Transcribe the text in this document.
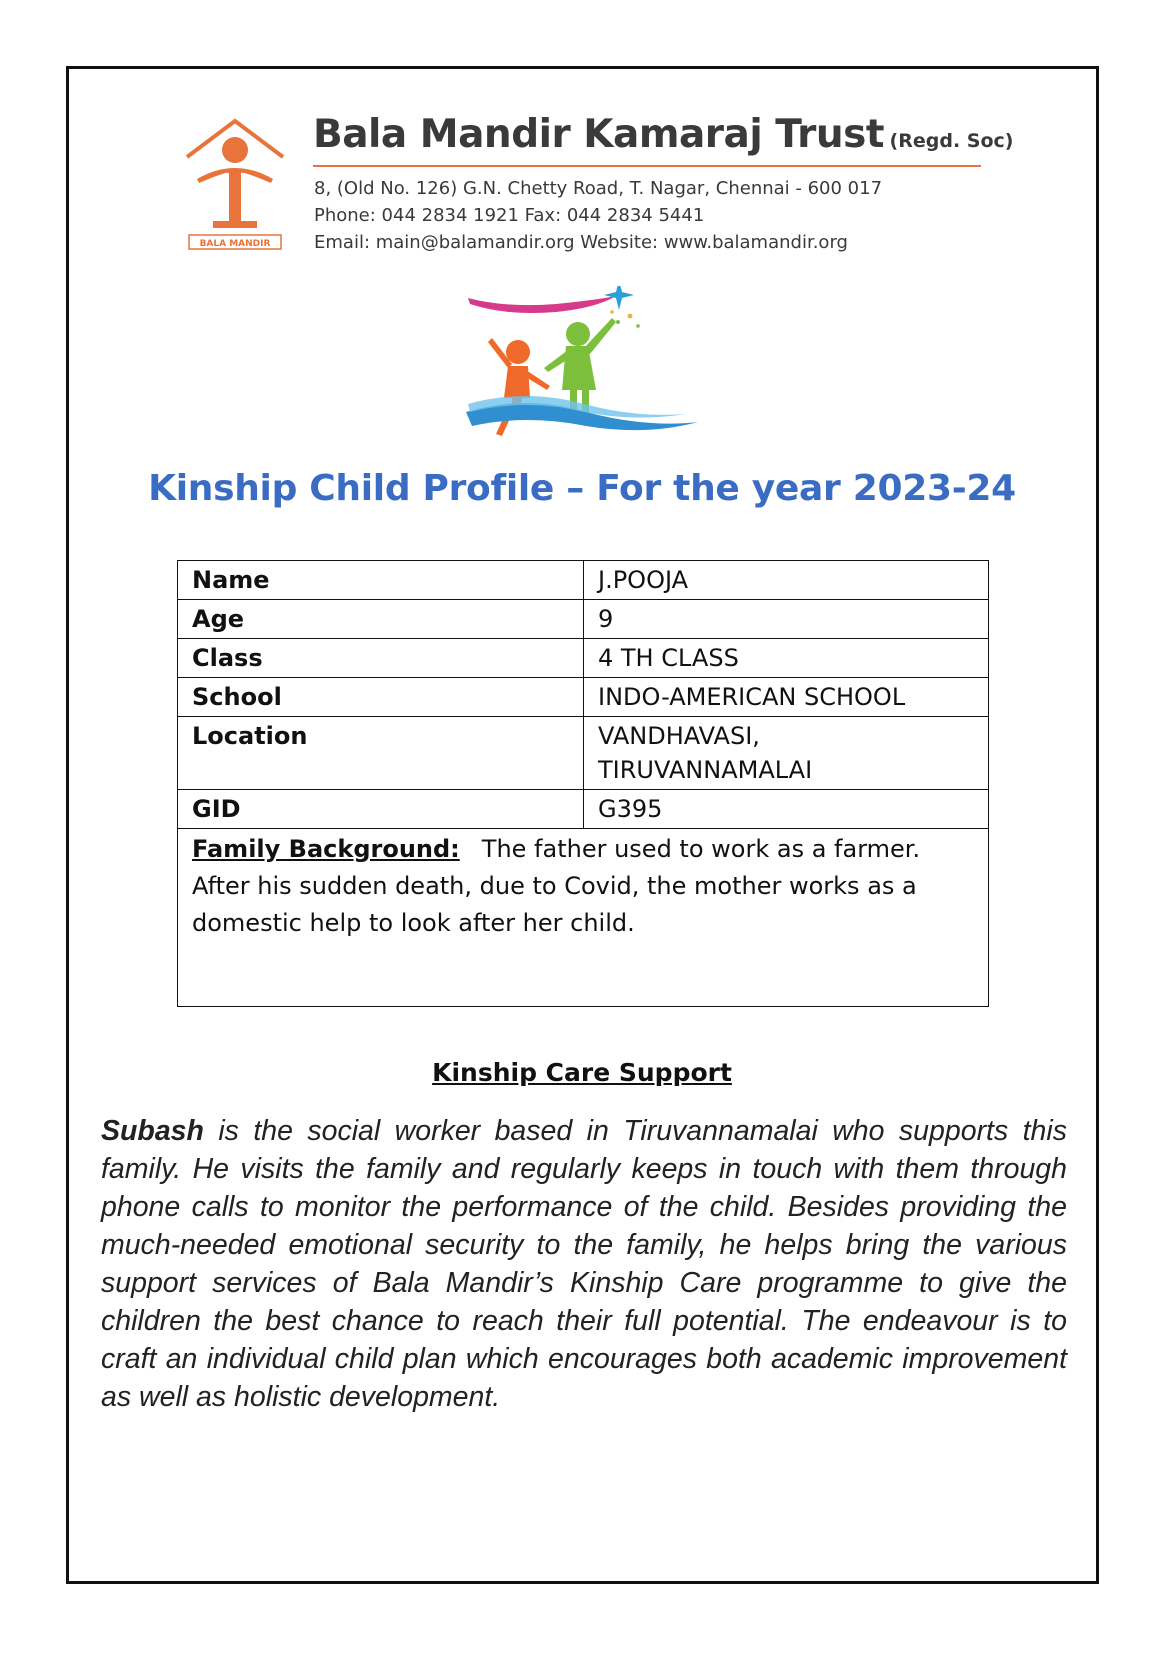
BALA MANDIR
Bala Mandir Kamaraj Trust (Regd. Soc)
8, (Old No. 126) G.N. Chetty Road, T. Nagar, Chennai - 600 017
Phone: 044 2834 1921 Fax: 044 2834 5441
Email: main@balamandir.org Website: www.balamandir.org
Kinship Child Profile – For the year 2023-24
Name	J.POOJA
Age	9
Class	4 TH CLASS
School	INDO-AMERICAN SCHOOL
Location	VANDHAVASI,
TIRUVANNAMALAI
GID	G395
Family Background: The father used to work as a farmer. After his sudden death, due to Covid, the mother works as a domestic help to look after her child.	
Kinship Care Support
Subash is the social worker based in Tiruvannamalai who supports this family. He visits the family and regularly keeps in touch with them through phone calls to monitor the performance of the child. Besides providing the much-needed emotional security to the family, he helps bring the various support services of Bala Mandir’s Kinship Care programme to give the children the best chance to reach their full potential. The endeavour is to craft an individual child plan which encourages both academic improvement as well as holistic development.
